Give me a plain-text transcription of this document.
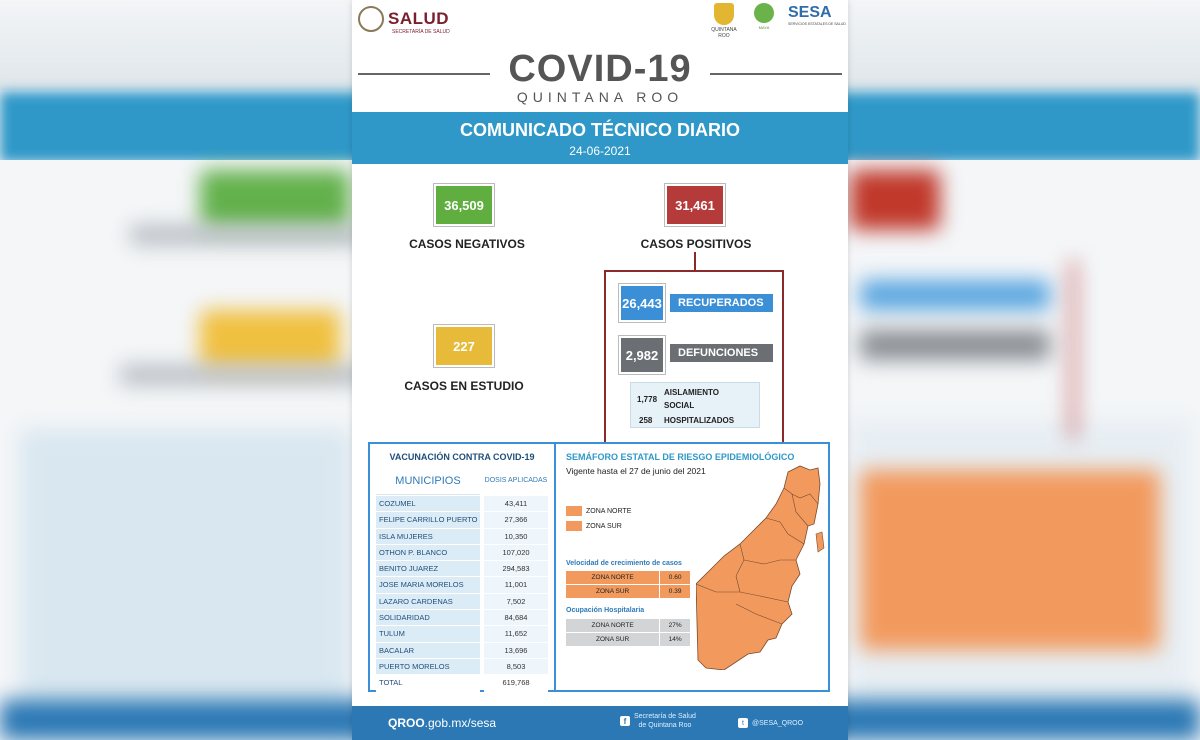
SALUD
SECRETARÍA DE SALUD	QUINTANA ROO
MAYA
SESA
SERVICIOS ESTATALES DE SALUD
COVID-19
QUINTANA ROO
COMUNICADO TÉCNICO DIARIO
24-06-2021
36,509
CASOS NEGATIVOS
31,461
CASOS POSITIVOS
227
CASOS EN ESTUDIO
26,443	RECUPERADOS
2,982	DEFUNCIONES
1,778
AISLAMIENTO SOCIAL
258 HOSPITALIZADOS
VACUNACIÓN CONTRA COVID-19
MUNICIPIOS	DOSIS APLICADAS
COZUMEL	43,411
FELIPE CARRILLO PUERTO	27,366
ISLA MUJERES	10,350
OTHON P. BLANCO	107,020
BENITO JUAREZ	294,583
JOSE MARIA MORELOS	11,001
LAZARO CARDENAS	7,502
SOLIDARIDAD	84,684
TULUM	11,652
BACALAR	13,696
PUERTO MORELOS	8,503
TOTAL	619,768
SEMÁFORO ESTATAL DE RIESGO EPIDEMIOLÓGICO
Vigente hasta el 27 de junio del 2021
ZONA NORTE
ZONA SUR
Velocidad de crecimiento de casos
ZONA NORTE	0.60
ZONA SUR	0.39
Ocupación Hospitalaria
ZONA NORTE	27%
ZONA SUR	14%
QROO.gob.mx/sesa	f	Secretaría de Salud
de Quintana Roo	t	@SESA_QROO
